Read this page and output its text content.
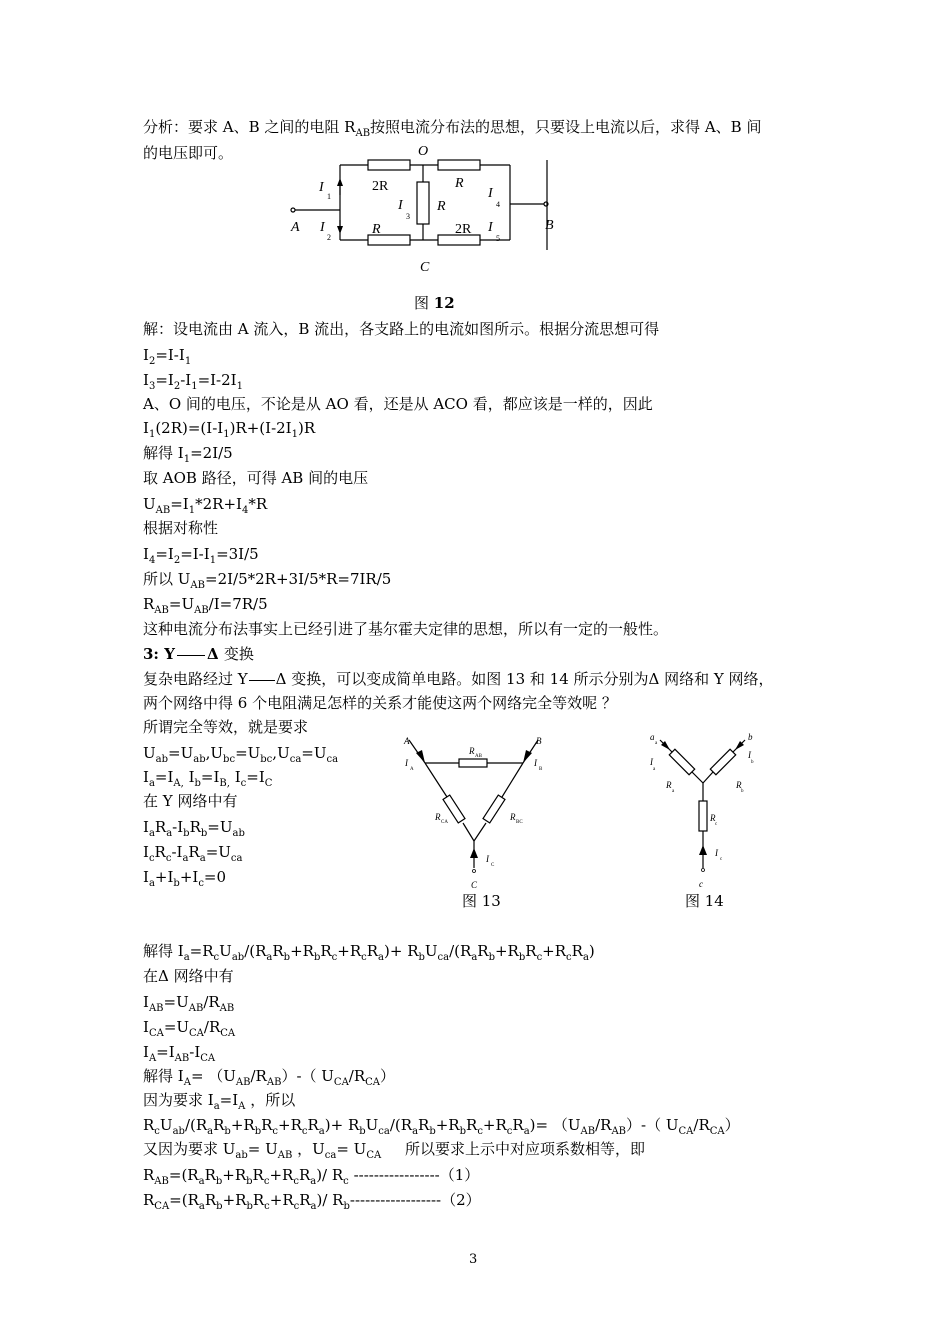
分析：要求 A、B 之间的电阻 $R_{AB}$按照电流分布法的思想，只要设上电流以后，求得 A、B 间
的电压即可。	O
C
A	B
2R	R
R
R	2R
I
I
I
I
I
1
2
3
4
5
图 12
解：设电流由 A 流入，B 流出，各支路上的电流如图所示。根据分流思想可得
$I_2=I-I_1$
$I_3=I_2-I_1=I-2I_1$
A、O 间的电压，不论是从 AO 看，还是从 ACO 看，都应该是一样的，因此
$I_1(2R)=(I-I_1)R+(I-2I_1)R$
解得 $I_1=2I/5$
取 AOB 路径，可得 AB 间的电压
$U_{AB}=I_1*2R+I_4*R$
根据对称性
$I_4=I_2=I-I_1=3I/5$
所以 $U_{AB}=2I/5*2R+3I/5*R=7IR/5$
$R_{AB}=U_{AB}/I=7R/5$
这种电流分布法事实上已经引进了基尔霍夫定律的思想，所以有一定的一般性。
3: Y Δ 变换
复杂电路经过 Y Δ 变换，可以变成简单电路。如图 13 和 14 所示分别为Δ 网络和 Y 网络，
两个网络中得 6 个电阻满足怎样的关系才能使这两个网络完全等效呢 ？
所谓完全等效，就是要求
$U_{ab}=U_{ab},U_{bc}=U_{bc},U_{ca}=U_{ca}$
$I_a=I_{A,}$ $I_b=I_{B,}$ $I_c=I_C$
在 Y 网络中有
$I_aR_a-I_bR_b=U_{ab}$
$I_cR_c-I_aR_a=U_{ca}$
$I_a+I_b+I_c=0$
A	B
C
I	I
I
R
R	R
A	B
C
AB
CA	BC
图 13
a	b
c
I
I
I
R	R
R
a
a
b
c
a	b
c
图 14
解得 $I_a=R_cU_{ab}/(R_aR_b+R_bR_c+R_cR_a)+ R_bU_{ca}/(R_aR_b+R_bR_c+R_cR_a)$
在Δ 网络中有
$I_{AB}=U_{AB}/R_{AB}$
$I_{CA}=U_{CA}/R_{CA}$
$I_A=I_{AB}-I_{CA}$
解得 $I_A= (U_{AB}/R_{AB})-$（ $U_{CA}/R_{CA}$）
因为要求 $I_a=I_A$ ，所以
$R_cU_{ab}/(R_aR_b+R_bR_c+R_cR_a)+ R_bU_{ca}/(R_aR_b+R_bR_c+R_cR_a)= (U_{AB}/R_{AB})-$（ $U_{CA}/R_{CA}$）
又因为要求 $U_{ab}= U_{AB}$ ，$U_{ca}= U_{CA}$ 所以要求上示中对应项系数相等，即
$R_{AB}=(R_aR_b+R_bR_c+R_cR_a)/$ $R_c$ -----------------（1）
$R_{CA}=(R_aR_b+R_bR_c+R_cR_a)/$ $R_b------------------(2)$
3
